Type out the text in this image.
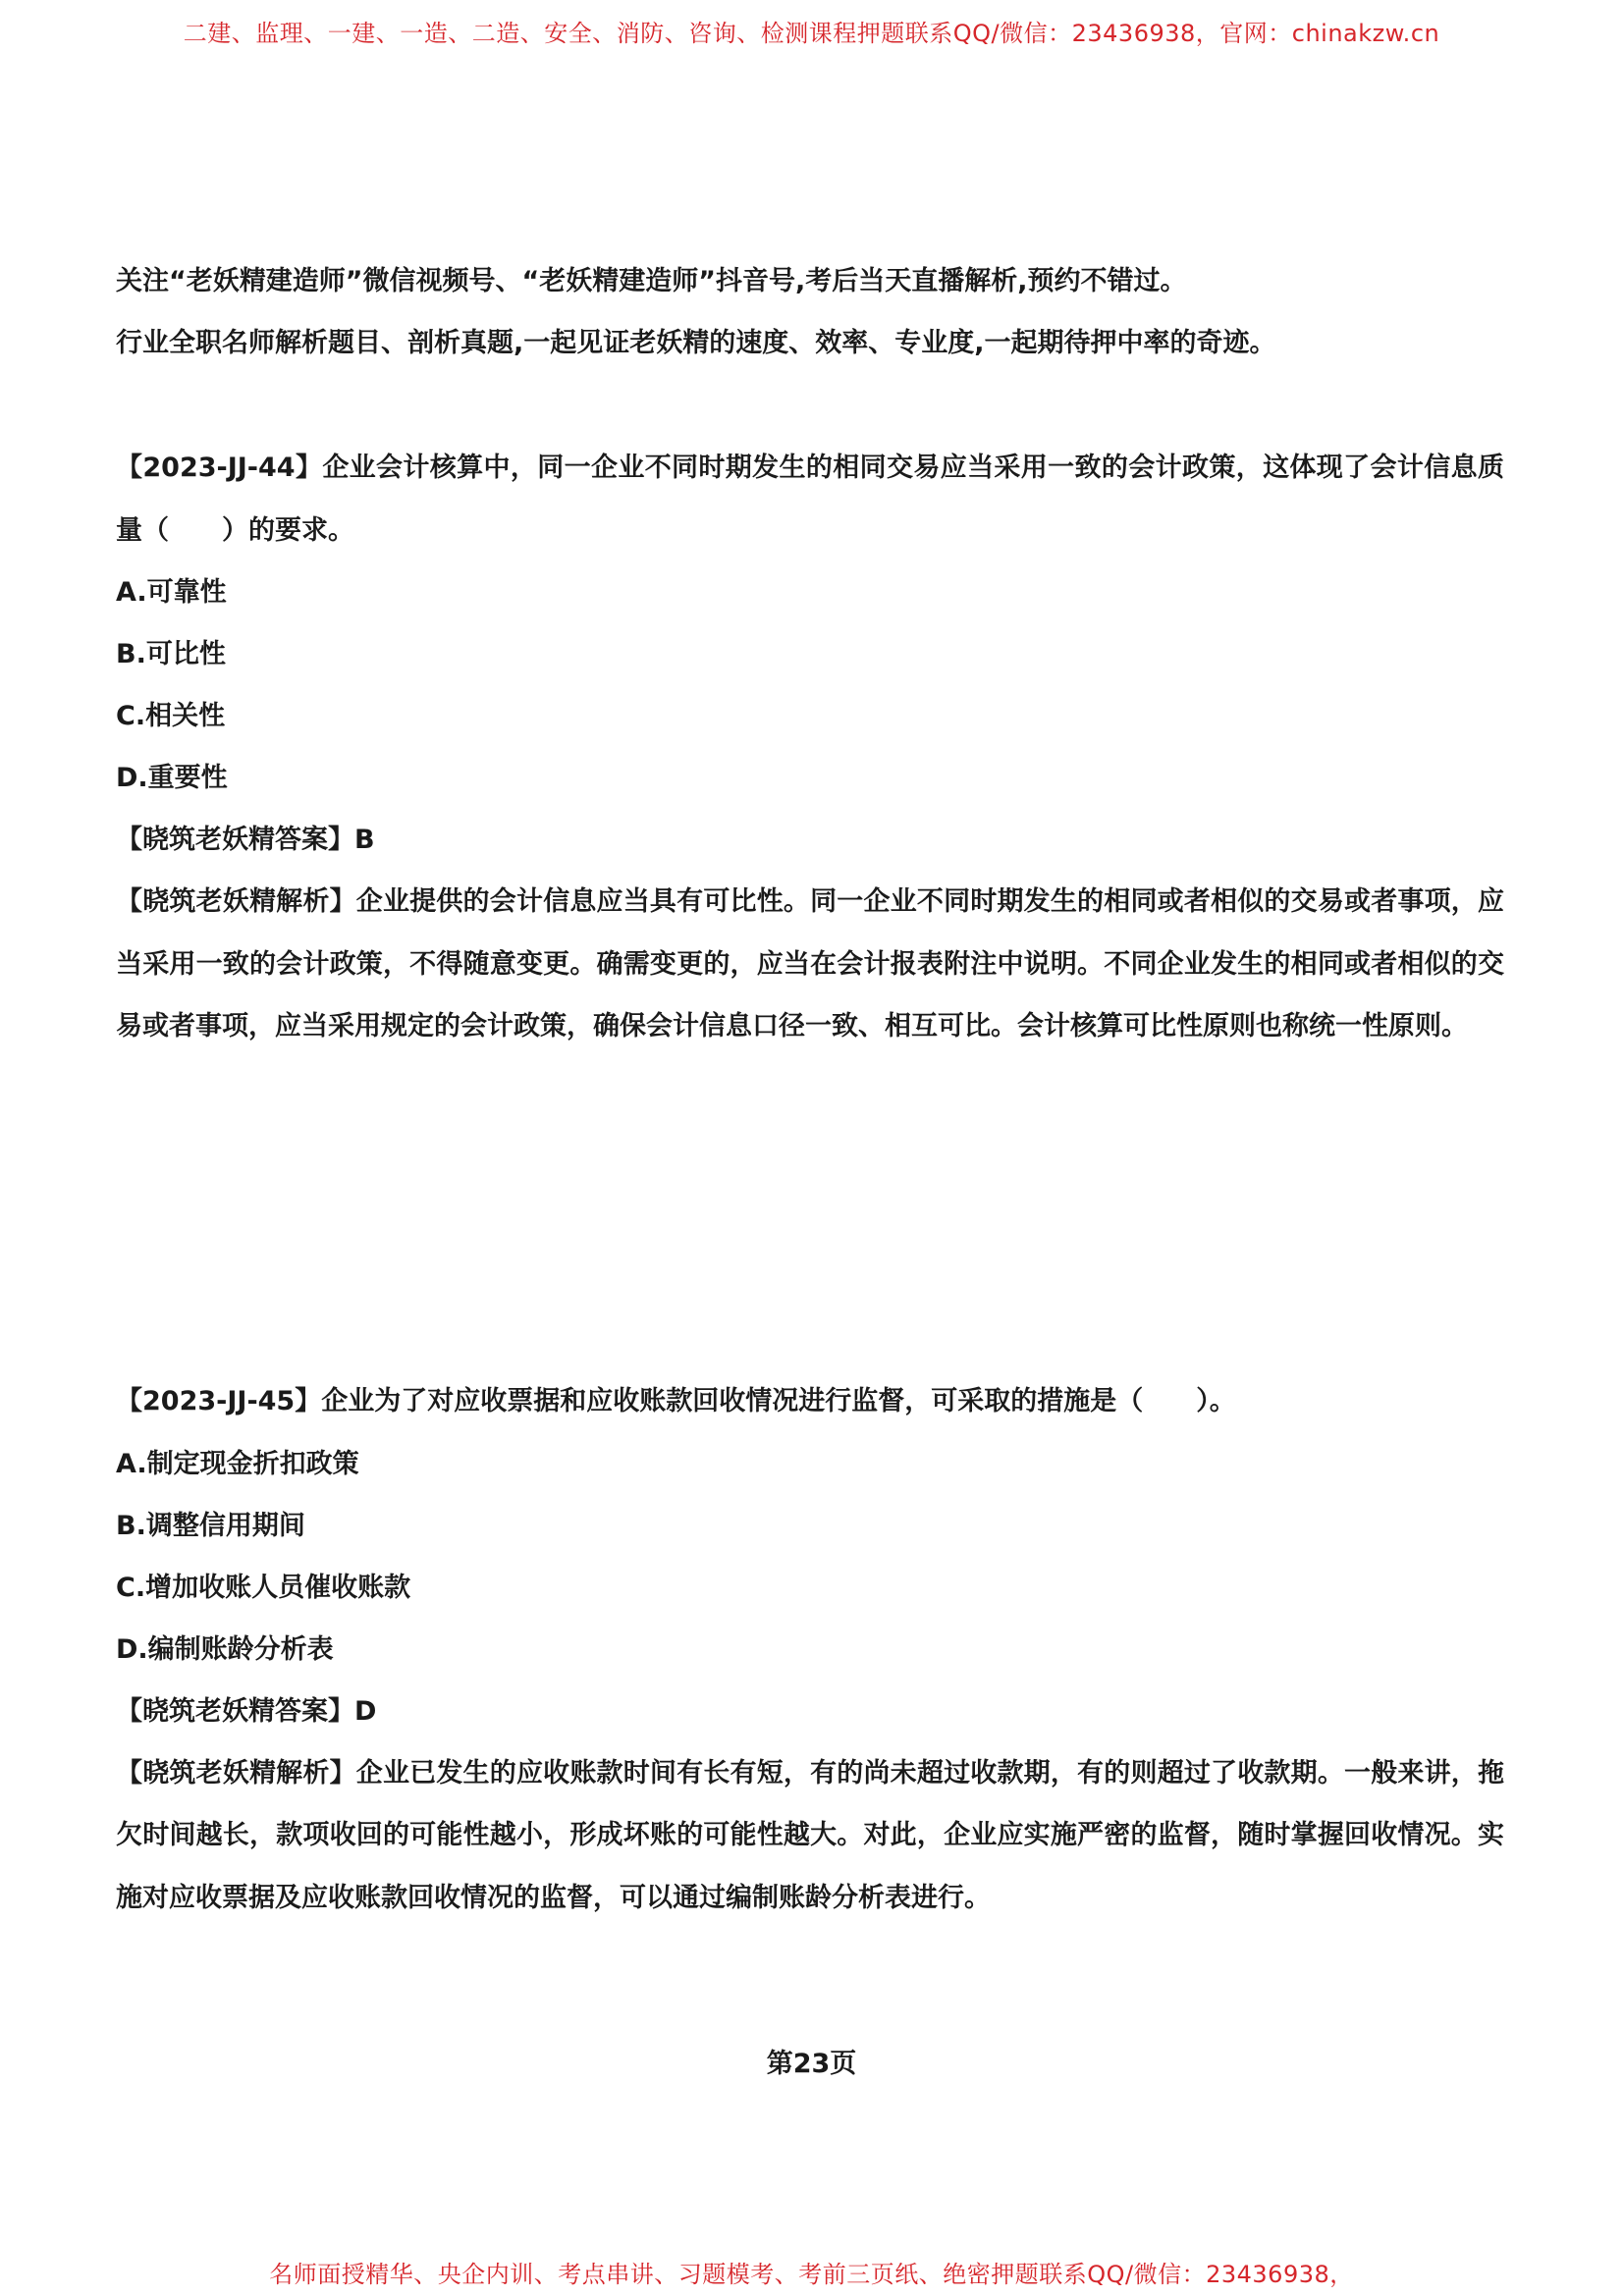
二建、监理、一建、一造、二造、安全、消防、咨询、检测课程押题联系QQ/微信：23436938，官网：chinakzw.cn

关注“老妖精建造师”微信视频号、“老妖精建造师”抖音号,考后当天直播解析,预约不错过。

行业全职名师解析题目、剖析真题,一起见证老妖精的速度、效率、专业度,一起期待押中率的奇迹。

【2023-JJ-44】企业会计核算中，同一企业不同时期发生的相同交易应当采用一致的会计政策，这体现了会计信息质量（　　）的要求。

A.可靠性

B.可比性

C.相关性

D.重要性

【晓筑老妖精答案】B

【晓筑老妖精解析】企业提供的会计信息应当具有可比性。同一企业不同时期发生的相同或者相似的交易或者事项，应当采用一致的会计政策，不得随意变更。确需变更的，应当在会计报表附注中说明。不同企业发生的相同或者相似的交易或者事项，应当采用规定的会计政策，确保会计信息口径一致、相互可比。会计核算可比性原则也称统一性原则。

【2023-JJ-45】企业为了对应收票据和应收账款回收情况进行监督，可采取的措施是（　　）。

A.制定现金折扣政策

B.调整信用期间

C.增加收账人员催收账款

D.编制账龄分析表

【晓筑老妖精答案】D

【晓筑老妖精解析】企业已发生的应收账款时间有长有短，有的尚未超过收款期，有的则超过了收款期。一般来讲，拖欠时间越长，款项收回的可能性越小，形成坏账的可能性越大。对此，企业应实施严密的监督，随时掌握回收情况。实施对应收票据及应收账款回收情况的监督，可以通过编制账龄分析表进行。

第23页
名师面授精华、央企内训、考点串讲、习题模考、考前三页纸、绝密押题联系QQ/微信：23436938，
